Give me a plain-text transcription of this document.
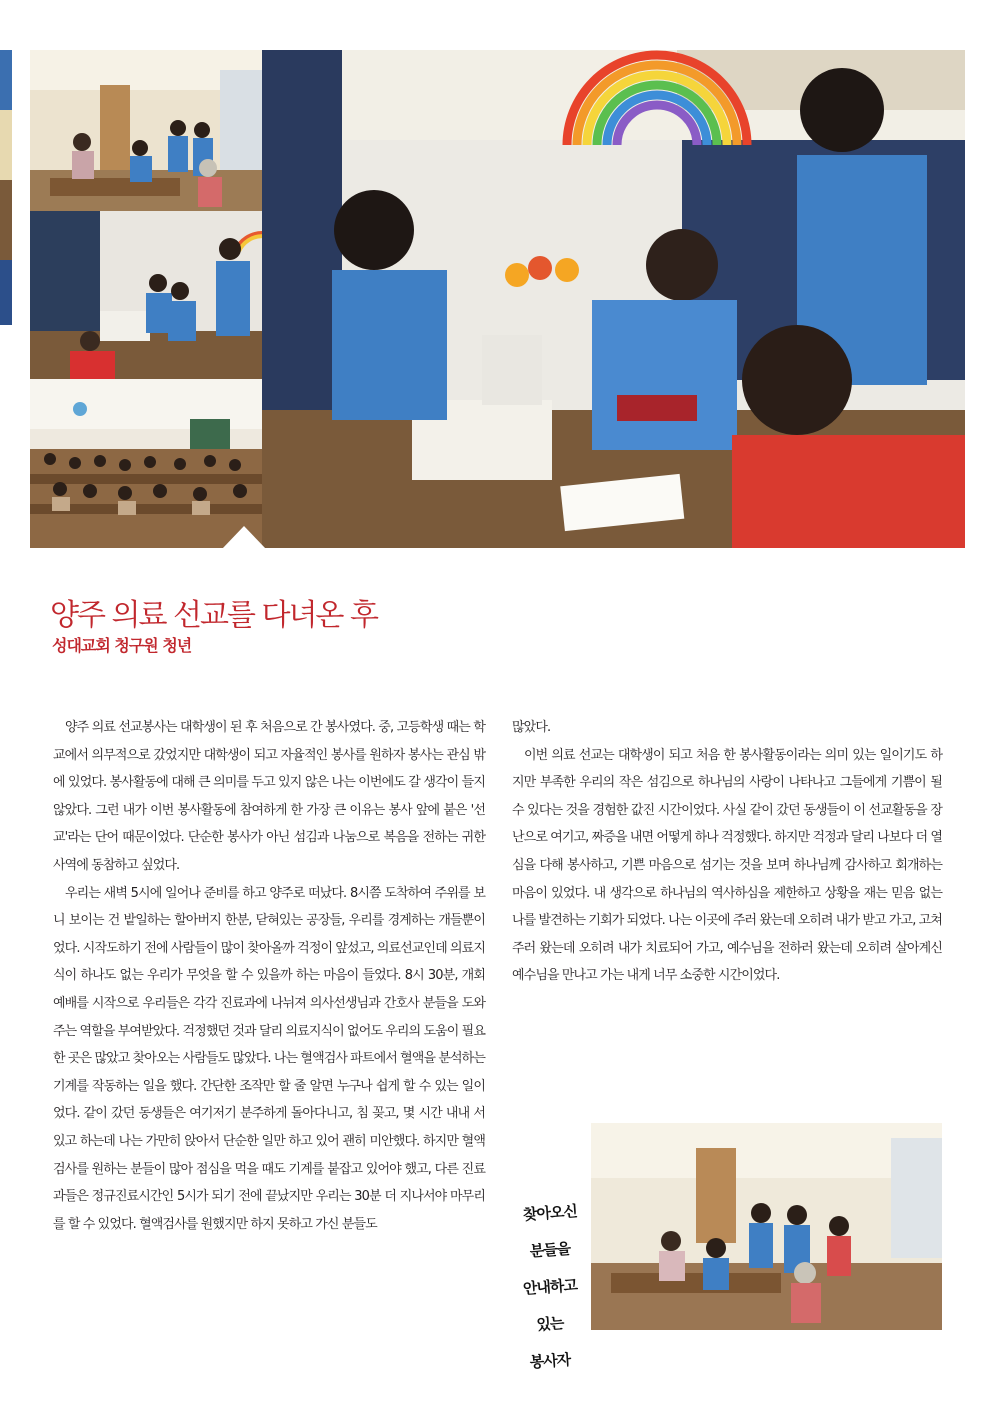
양주 의료 선교를 다녀온 후
성대교회 청구원 청년

양주 의료 선교봉사는 대학생이 된 후 처음으로 간 봉사였다. 중, 고등학생 때는 학교에서 의무적으로 갔었지만 대학생이 되고 자율적인 봉사를 원하자 봉사는 관심 밖에 있었다. 봉사활동에 대해 큰 의미를 두고 있지 않은 나는 이번에도 갈 생각이 들지 않았다. 그런 내가 이번 봉사활동에 참여하게 한 가장 큰 이유는 봉사 앞에 붙은 '선교'라는 단어 때문이었다. 단순한 봉사가 아닌 섬김과 나눔으로 복음을 전하는 귀한 사역에 동참하고 싶었다.

우리는 새벽 5시에 일어나 준비를 하고 양주로 떠났다. 8시쯤 도착하여 주위를 보니 보이는 건 밭일하는 할아버지 한분, 닫혀있는 공장들, 우리를 경계하는 개들뿐이었다. 시작도하기 전에 사람들이 많이 찾아올까 걱정이 앞섰고, 의료선교인데 의료지식이 하나도 없는 우리가 무엇을 할 수 있을까 하는 마음이 들었다. 8시 30분, 개회 예배를 시작으로 우리들은 각각 진료과에 나뉘져 의사선생님과 간호사 분들을 도와주는 역할을 부여받았다. 걱정했던 것과 달리 의료지식이 없어도 우리의 도움이 필요한 곳은 많았고 찾아오는 사람들도 많았다. 나는 혈액검사 파트에서 혈액을 분석하는 기계를 작동하는 일을 했다. 간단한 조작만 할 줄 알면 누구나 쉽게 할 수 있는 일이었다. 같이 갔던 동생들은 여기저기 분주하게 돌아다니고, 침 꽂고, 몇 시간 내내 서있고 하는데 나는 가만히 앉아서 단순한 일만 하고 있어 괜히 미안했다. 하지만 혈액검사를 원하는 분들이 많아 점심을 먹을 때도 기계를 붙잡고 있어야 했고, 다른 진료과들은 정규진료시간인 5시가 되기 전에 끝났지만 우리는 30분 더 지나서야 마무리를 할 수 있었다. 혈액검사를 원했지만 하지 못하고 가신 분들도

많았다.

이번 의료 선교는 대학생이 되고 처음 한 봉사활동이라는 의미 있는 일이기도 하지만 부족한 우리의 작은 섬김으로 하나님의 사랑이 나타나고 그들에게 기쁨이 될 수 있다는 것을 경험한 값진 시간이었다. 사실 같이 갔던 동생들이 이 선교활동을 장난으로 여기고, 짜증을 내면 어떻게 하나 걱정했다. 하지만 걱정과 달리 나보다 더 열심을 다해 봉사하고, 기쁜 마음으로 섬기는 것을 보며 하나님께 감사하고 회개하는 마음이 있었다. 내 생각으로 하나님의 역사하심을 제한하고 상황을 재는 믿음 없는 나를 발견하는 기회가 되었다. 나는 이곳에 주러 왔는데 오히려 내가 받고 가고, 고쳐주러 왔는데 오히려 내가 치료되어 가고, 예수님을 전하러 왔는데 오히려 살아계신 예수님을 만나고 가는 내게 너무 소중한 시간이었다.

찾아오신
분들을
안내하고
있는
봉사자
